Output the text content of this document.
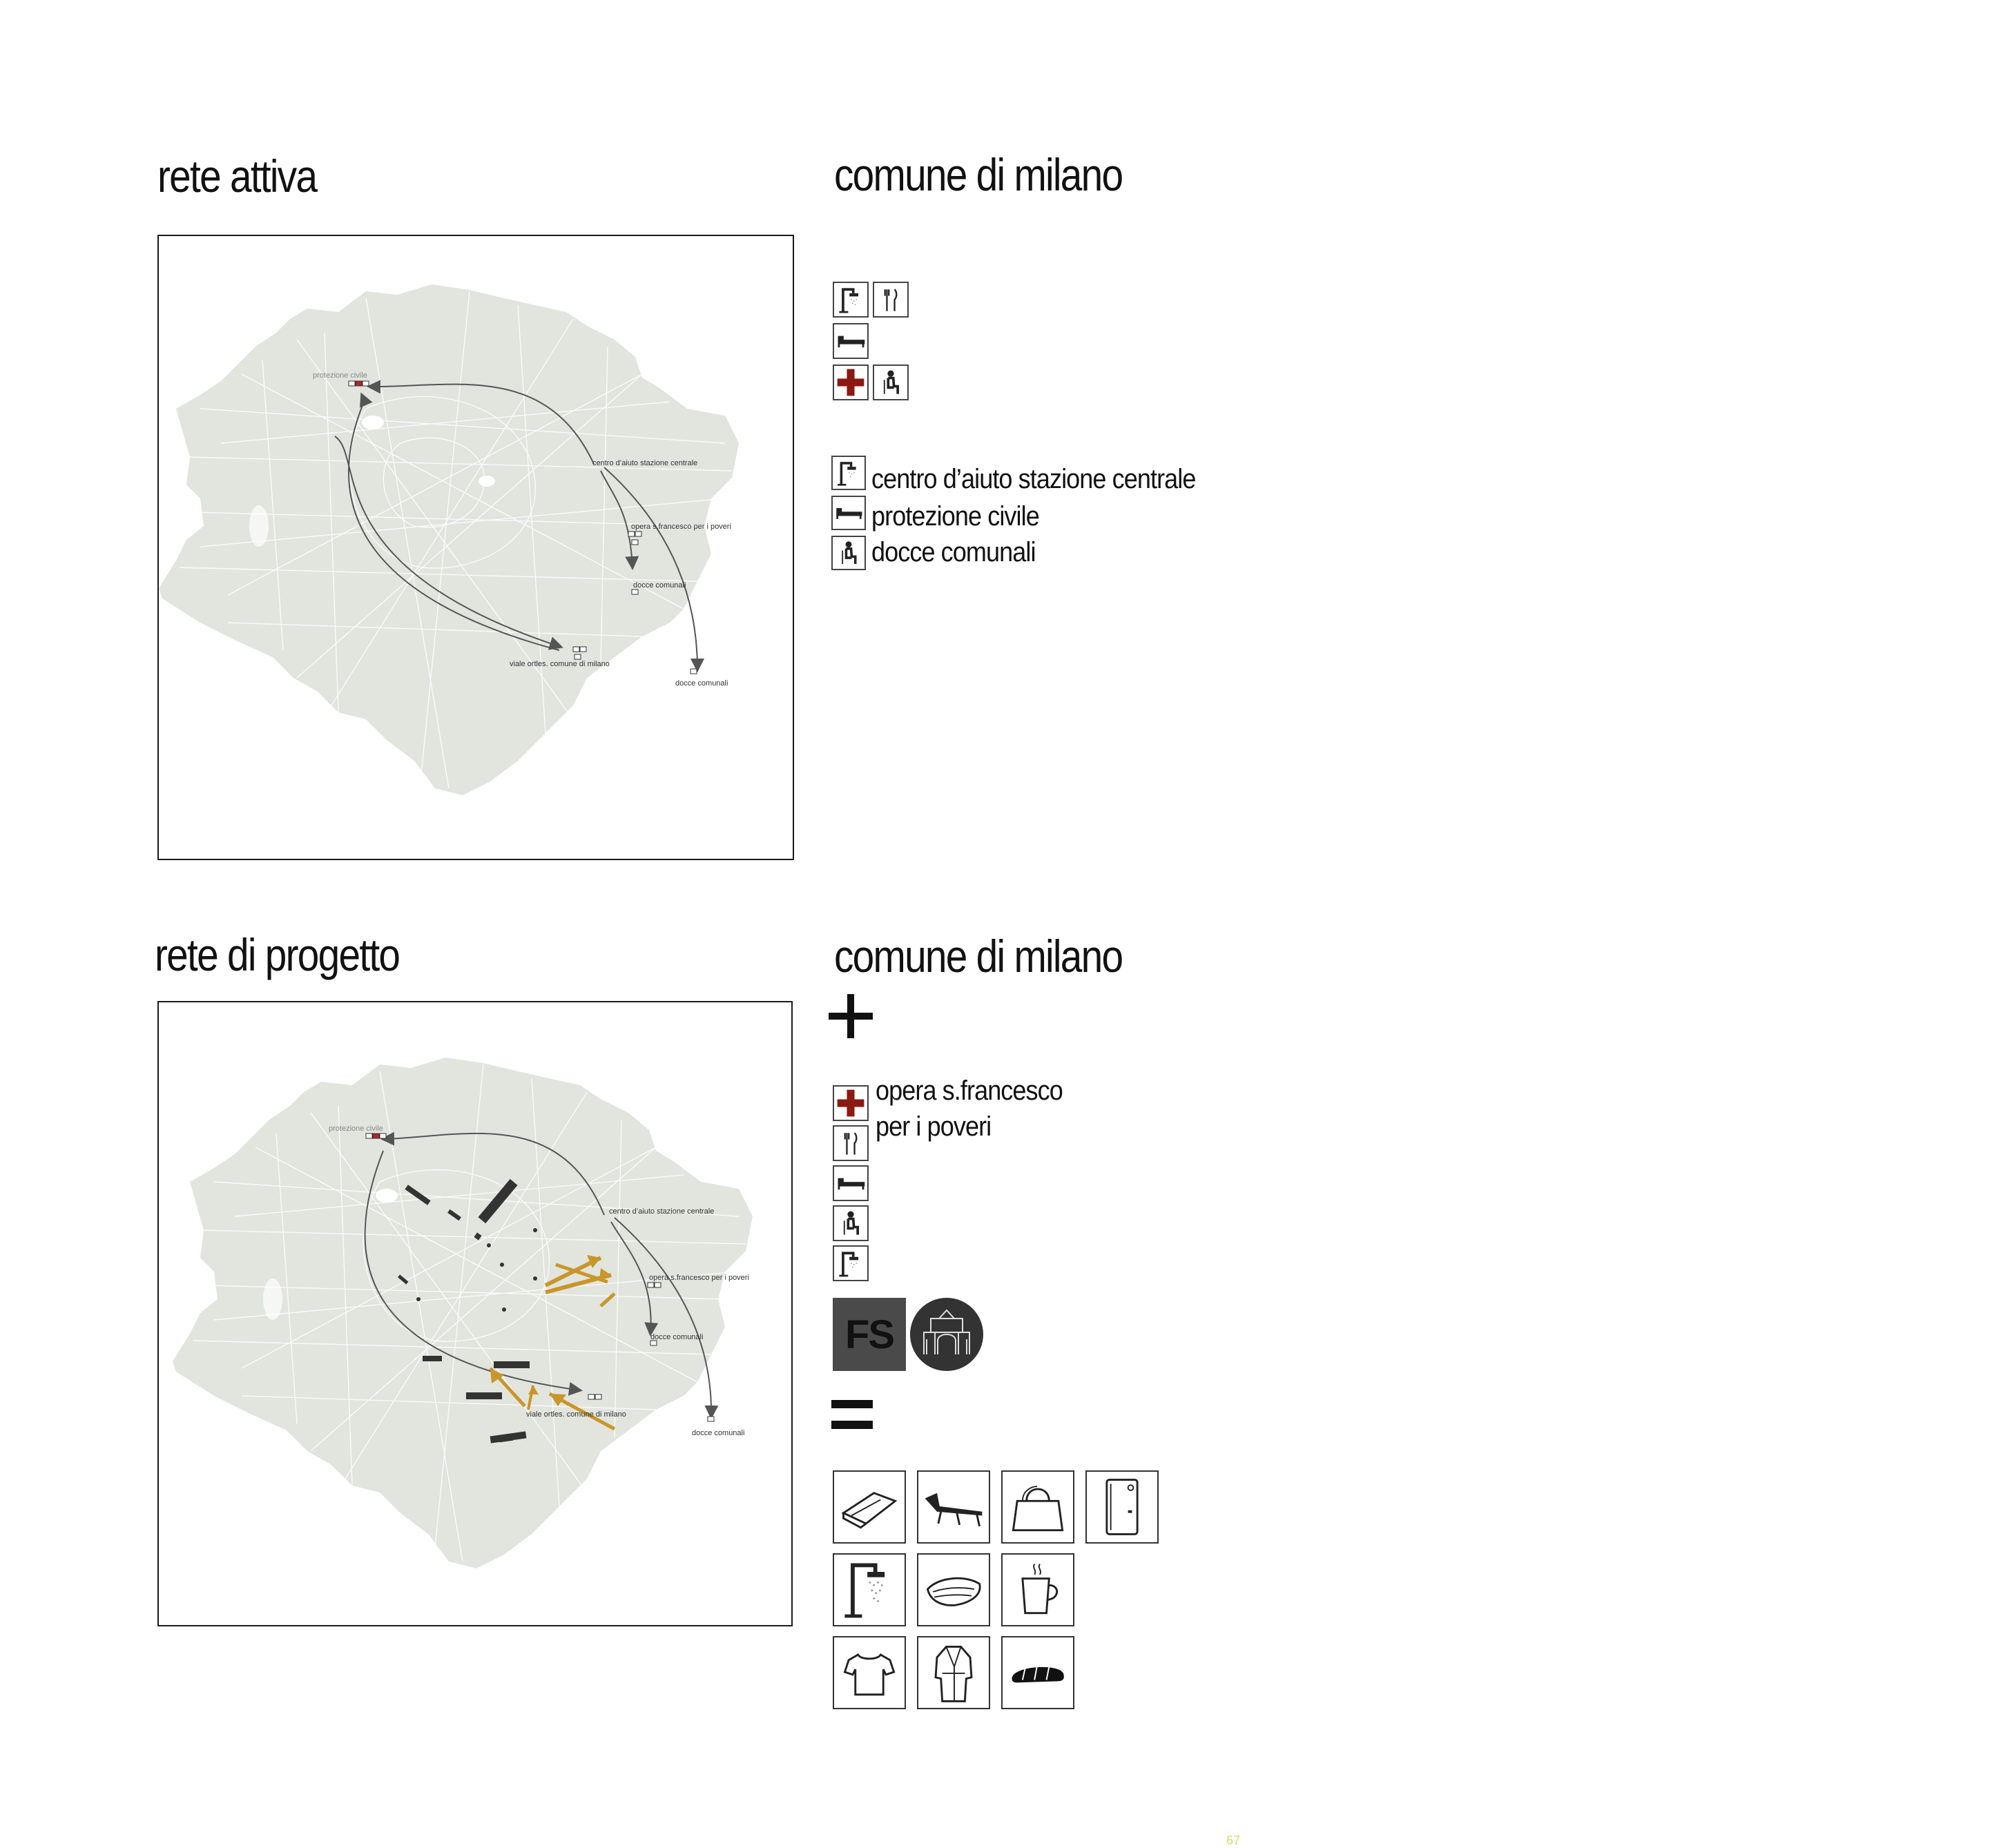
rete attiva	comune di milano
protezione civile
centro d’aiuto stazione centrale
opera s.francesco per i poveri
docce comunali
viale ortles. comune di milano
docce comunali
centro d’aiuto stazione centrale
protezione civile
docce comunali
rete di progetto	comune di milano
protezione civile
centro d’aiuto stazione centrale
opera s.francesco per i poveri
docce comunali
viale ortles. comune di milano
docce comunali
opera s.francesco
per i poveri
FS
67
